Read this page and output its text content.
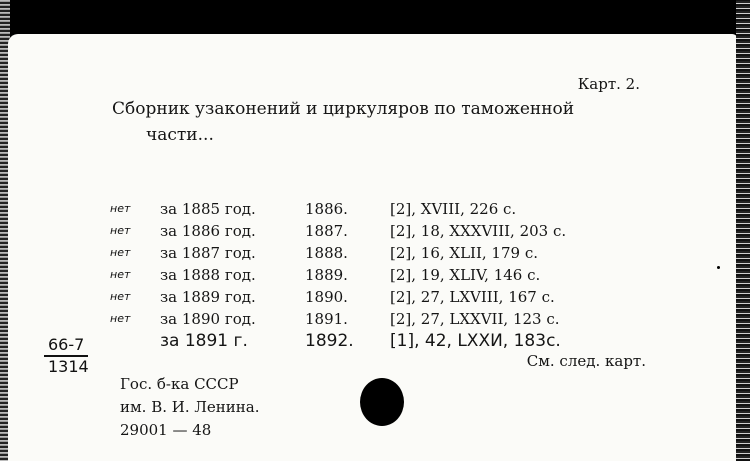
Карт. 2.
Сборник узаконений и циркуляров по таможенной
части...
нет за 1885 год.	1886.	[2], XVIII, 226 с.
нет за 1886 год.	1887.	[2], 18, XXXVIII, 203 с.
нет за 1887 год.	1888.	[2], 16, XLII, 179 с.
нет за 1888 год.	1889.	[2], 19, XLIV, 146 с.
нет за 1889 год.	1890.	[2], 27, LXVIII, 167 с.
нет за 1890 год.	1891.	[2], 27, LXXVII, 123 с.
за 1891 г.	1892. [1], 42, LXXИ, 183с.
66-7
1314	См. след. карт.
Гос. б-ка СССР
им. В. И. Ленина.
29001 — 48
